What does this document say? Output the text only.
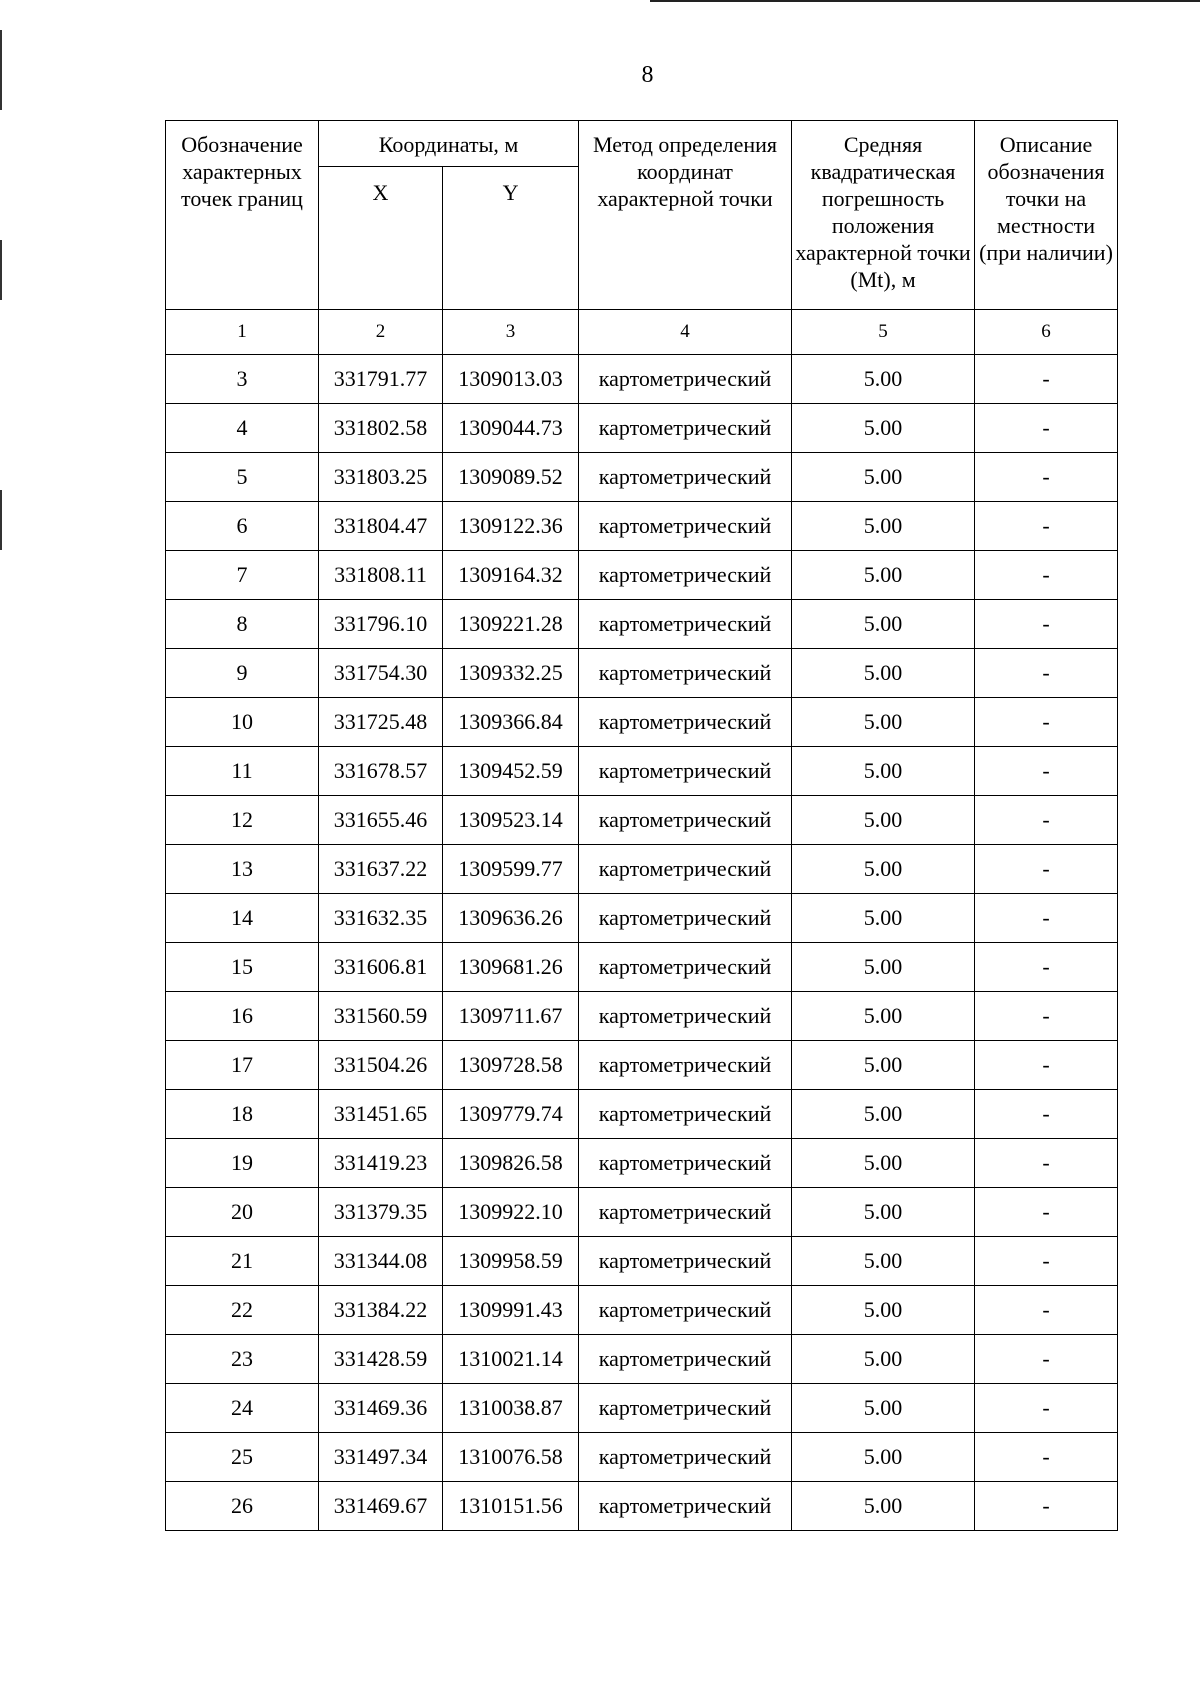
8
Обозначение характерных точек границ	Координаты, м		Метод определения координат характерной точки	Средняя квадратическая погрешность положения характерной точки (Mt), м	Описание обозначения точки на местности (при наличии)
	X	Y			
1	2	3	4	5	6
3	331791.77	1309013.03	картометрический	5.00	-
4	331802.58	1309044.73	картометрический	5.00	-
5	331803.25	1309089.52	картометрический	5.00	-
6	331804.47	1309122.36	картометрический	5.00	-
7	331808.11	1309164.32	картометрический	5.00	-
8	331796.10	1309221.28	картометрический	5.00	-
9	331754.30	1309332.25	картометрический	5.00	-
10	331725.48	1309366.84	картометрический	5.00	-
11	331678.57	1309452.59	картометрический	5.00	-
12	331655.46	1309523.14	картометрический	5.00	-
13	331637.22	1309599.77	картометрический	5.00	-
14	331632.35	1309636.26	картометрический	5.00	-
15	331606.81	1309681.26	картометрический	5.00	-
16	331560.59	1309711.67	картометрический	5.00	-
17	331504.26	1309728.58	картометрический	5.00	-
18	331451.65	1309779.74	картометрический	5.00	-
19	331419.23	1309826.58	картометрический	5.00	-
20	331379.35	1309922.10	картометрический	5.00	-
21	331344.08	1309958.59	картометрический	5.00	-
22	331384.22	1309991.43	картометрический	5.00	-
23	331428.59	1310021.14	картометрический	5.00	-
24	331469.36	1310038.87	картометрический	5.00	-
25	331497.34	1310076.58	картометрический	5.00	-
26	331469.67	1310151.56	картометрический	5.00	-
